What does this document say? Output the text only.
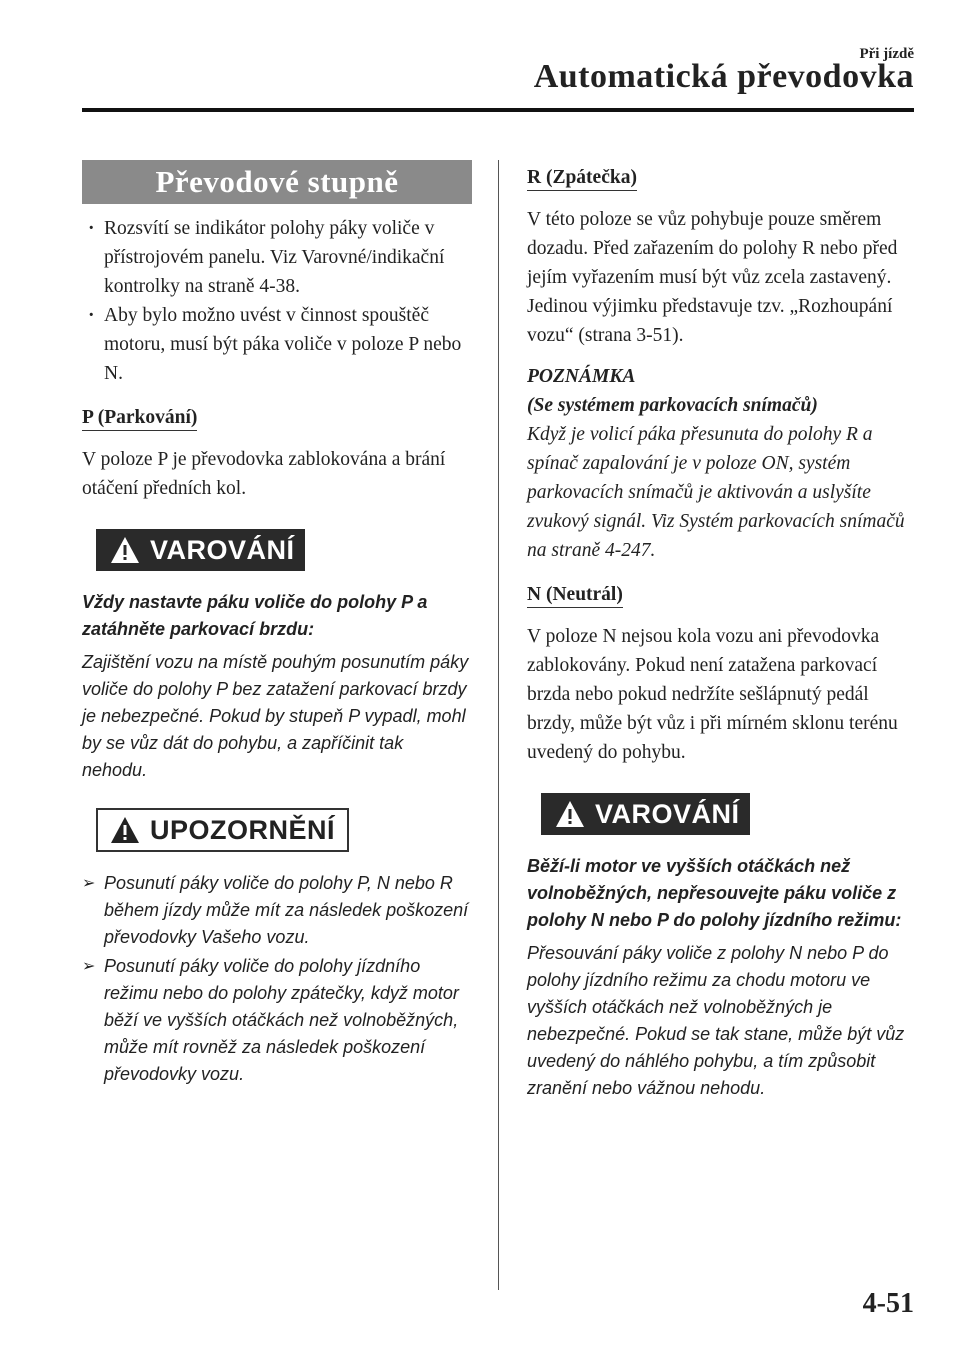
Při jízdě
Automatická převodovka
Převodové stupně
· Rozsvítí se indikátor polohy páky voliče v přístrojovém panelu. Viz Varovné/indikační kontrolky na straně 4-38.
· Aby bylo možno uvést v činnost spouštěč motoru, musí být páka voliče v poloze P nebo N.
P (Parkování)

V poloze P je převodovka zablokována a brání otáčení předních kol.

VAROVÁNÍ
Vždy nastavte páku voliče do polohy P a zatáhněte parkovací brzdu:
Zajištění vozu na místě pouhým posunutím páky voliče do polohy P bez zatažení parkovací brzdy je nebezpečné. Pokud by stupeň P vypadl, mohl by se vůz dát do pohybu, a zapříčinit tak nehodu.
UPOZORNĚNÍ
➢ Posunutí páky voliče do polohy P, N nebo R během jízdy může mít za následek poškození převodovky Vašeho vozu.
➢ Posunutí páky voliče do polohy jízdního režimu nebo do polohy zpátečky, když motor běží ve vyšších otáčkách než volnoběžných, může mít rovněž za následek poškození převodovky vozu.
R (Zpátečka)

V této poloze se vůz pohybuje pouze směrem dozadu. Před zařazením do polohy R nebo před jejím vyřazením musí být vůz zcela zastavený. Jedinou výjimku představuje tzv. „Rozhoupání vozu“ (strana 3-51).

POZNÁMKA
(Se systémem parkovacích snímačů)
Když je volicí páka přesunuta do polohy R a spínač zapalování je v poloze ON, systém parkovacích snímačů je aktivován a uslyšíte zvukový signál. Viz Systém parkovacích snímačů na straně 4-247.
N (Neutrál)

V poloze N nejsou kola vozu ani převodovka zablokovány. Pokud není zatažena parkovací brzda nebo pokud nedržíte sešlápnutý pedál brzdy, může být vůz i při mírném sklonu terénu uvedený do pohybu.

VAROVÁNÍ
Běží-li motor ve vyšších otáčkách než volnoběžných, nepřesouvejte páku voliče z polohy N nebo P do polohy jízdního režimu:
Přesouvání páky voliče z polohy N nebo P do polohy jízdního režimu za chodu motoru ve vyšších otáčkách než volnoběžných je nebezpečné. Pokud se tak stane, může být vůz uvedený do náhlého pohybu, a tím způsobit zranění nebo vážnou nehodu.
4-51
